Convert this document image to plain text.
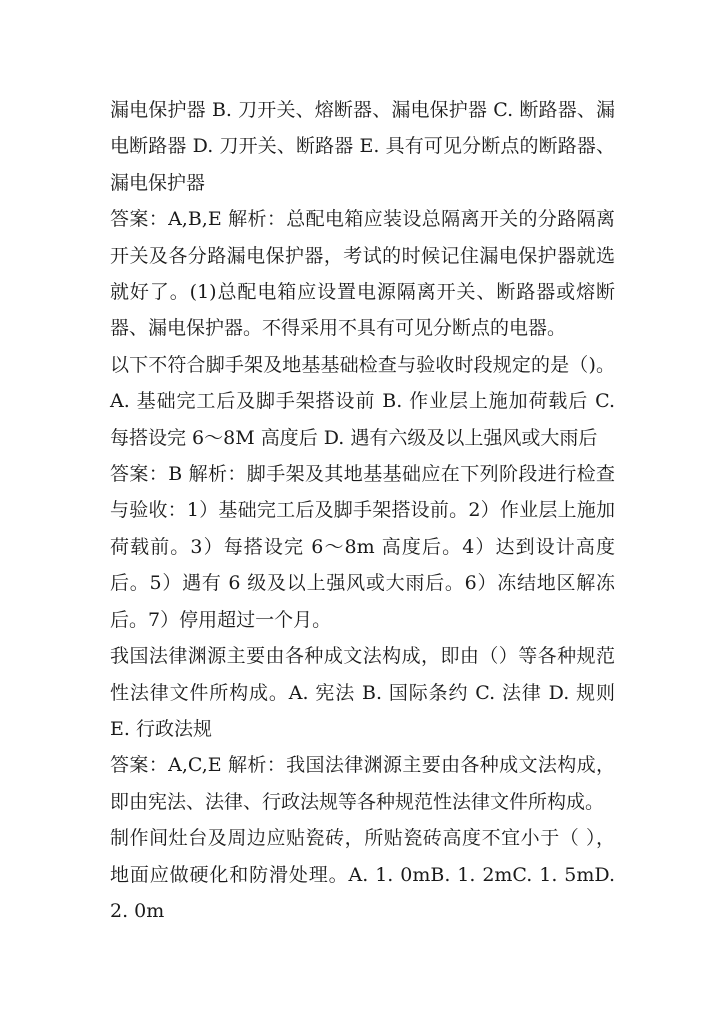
漏电保护器 B. 刀开关、熔断器、漏电保护器 C. 断路器、漏电断路器 D. 刀开关、断路器 E. 具有可见分断点的断路器、漏电保护器

答案：A,B,E 解析：总配电箱应装设总隔离开关的分路隔离开关及各分路漏电保护器，考试的时候记住漏电保护器就选就好了。(1)总配电箱应设置电源隔离开关、断路器或熔断器、漏电保护器。不得采用不具有可见分断点的电器。

以下不符合脚手架及地基基础检查与验收时段规定的是（)。A. 基础完工后及脚手架搭设前 B. 作业层上施加荷载后 C. 每搭设完 6～8M 高度后 D. 遇有六级及以上强风或大雨后

答案：B 解析：脚手架及其地基基础应在下列阶段进行检查与验收：1）基础完工后及脚手架搭设前。2）作业层上施加荷载前。3）每搭设完 6～8m 高度后。4）达到设计高度后。5）遇有 6 级及以上强风或大雨后。6）冻结地区解冻后。7）停用超过一个月。

我国法律渊源主要由各种成文法构成，即由（）等各种规范性法律文件所构成。A. 宪法 B. 国际条约 C. 法律 D. 规则 E. 行政法规

答案：A,C,E 解析：我国法律渊源主要由各种成文法构成，即由宪法、法律、行政法规等各种规范性法律文件所构成。

制作间灶台及周边应贴瓷砖，所贴瓷砖高度不宜小于（ ），地面应做硬化和防滑处理。A. 1. 0mB. 1. 2mC. 1. 5mD. 2. 0m
